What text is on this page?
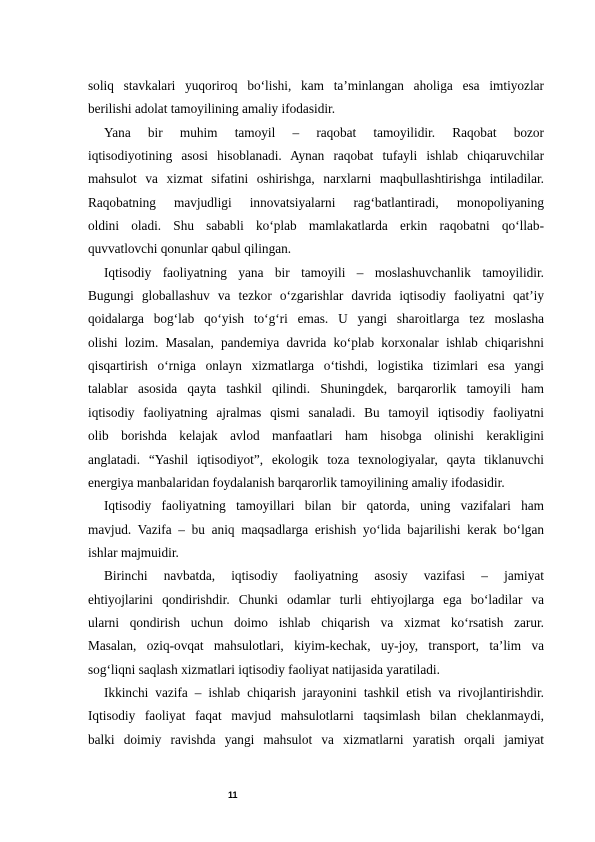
soliq stavkalari yuqoriroq bo‘lishi, kam ta’minlangan aholiga esa imtiyozlar
berilishi adolat tamoyilining amaliy ifodasidir.
Yana bir muhim tamoyil – raqobat tamoyilidir. Raqobat bozor
iqtisodiyotining asosi hisoblanadi. Aynan raqobat tufayli ishlab chiqaruvchilar
mahsulot va xizmat sifatini oshirishga, narxlarni maqbullashtirishga intiladilar.
Raqobatning mavjudligi innovatsiyalarni rag‘batlantiradi, monopoliyaning
oldini oladi. Shu sababli ko‘plab mamlakatlarda erkin raqobatni qo‘llab-
quvvatlovchi qonunlar qabul qilingan.
Iqtisodiy faoliyatning yana bir tamoyili – moslashuvchanlik tamoyilidir.
Bugungi globallashuv va tezkor o‘zgarishlar davrida iqtisodiy faoliyatni qat’iy
qoidalarga bog‘lab qo‘yish to‘g‘ri emas. U yangi sharoitlarga tez moslasha
olishi lozim. Masalan, pandemiya davrida ko‘plab korxonalar ishlab chiqarishni
qisqartirish o‘rniga onlayn xizmatlarga o‘tishdi, logistika tizimlari esa yangi
talablar asosida qayta tashkil qilindi. Shuningdek, barqarorlik tamoyili ham
iqtisodiy faoliyatning ajralmas qismi sanaladi. Bu tamoyil iqtisodiy faoliyatni
olib borishda kelajak avlod manfaatlari ham hisobga olinishi kerakligini
anglatadi. “Yashil iqtisodiyot”, ekologik toza texnologiyalar, qayta tiklanuvchi
energiya manbalaridan foydalanish barqarorlik tamoyilining amaliy ifodasidir.
Iqtisodiy faoliyatning tamoyillari bilan bir qatorda, uning vazifalari ham
mavjud. Vazifa – bu aniq maqsadlarga erishish yo‘lida bajarilishi kerak bo‘lgan
ishlar majmuidir.
Birinchi navbatda, iqtisodiy faoliyatning asosiy vazifasi – jamiyat
ehtiyojlarini qondirishdir. Chunki odamlar turli ehtiyojlarga ega bo‘ladilar va
ularni qondirish uchun doimo ishlab chiqarish va xizmat ko‘rsatish zarur.
Masalan, oziq-ovqat mahsulotlari, kiyim-kechak, uy-joy, transport, ta’lim va
sog‘liqni saqlash xizmatlari iqtisodiy faoliyat natijasida yaratiladi.
Ikkinchi vazifa – ishlab chiqarish jarayonini tashkil etish va rivojlantirishdir.
Iqtisodiy faoliyat faqat mavjud mahsulotlarni taqsimlash bilan cheklanmaydi,
balki doimiy ravishda yangi mahsulot va xizmatlarni yaratish orqali jamiyat
11
